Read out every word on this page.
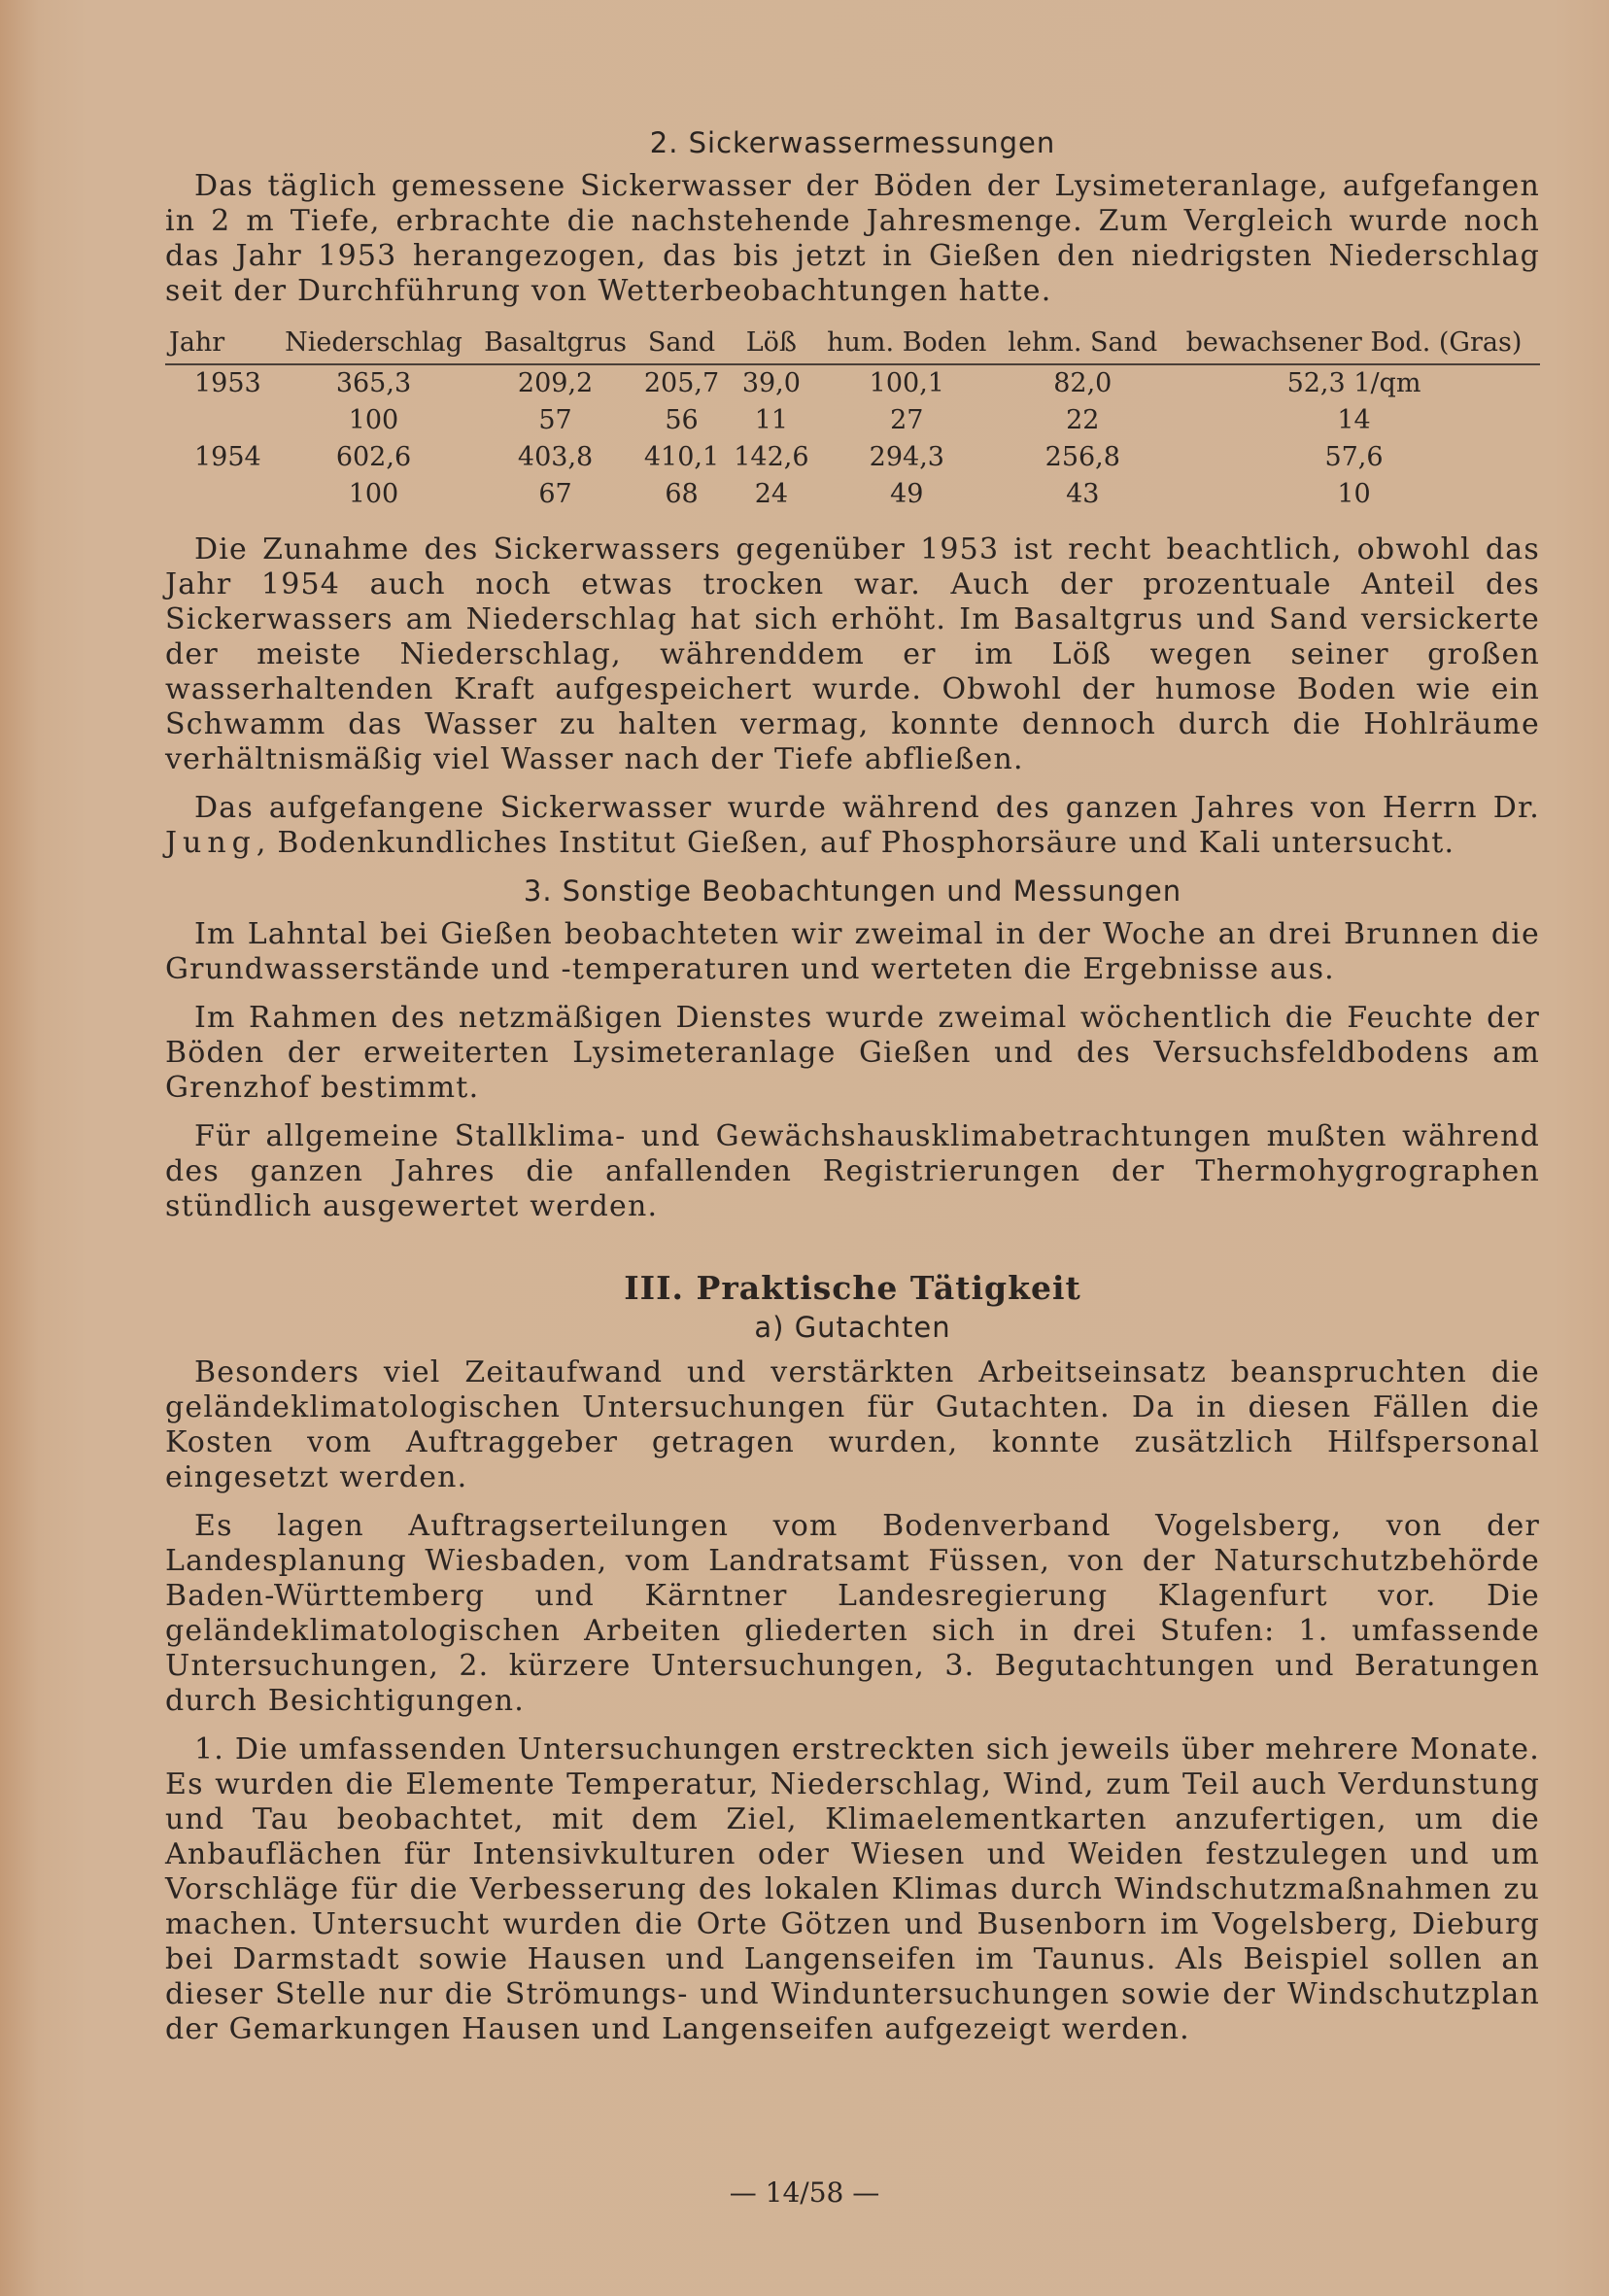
2. Sickerwassermessungen

Das täglich gemessene Sickerwasser der Böden der Lysimeteranlage, aufgefangen in 2 m Tiefe, erbrachte die nachstehende Jahresmenge. Zum Vergleich wurde noch das Jahr 1953 herangezogen, das bis jetzt in Gießen den niedrigsten Niederschlag seit der Durchführung von Wetterbeobachtungen hatte.

Jahr	Niederschlag	Basaltgrus	Sand	Löß	hum. Boden	lehm. Sand	bewachsener Bod. (Gras)
1953	365,3	209,2	205,7	39,0	100,1	82,0	52,3 1/qm
	100	57	56	11	27	22	14
1954	602,6	403,8	410,1	142,6	294,3	256,8	57,6
	100	67	68	24	49	43	10

Die Zunahme des Sickerwassers gegenüber 1953 ist recht beachtlich, obwohl das Jahr 1954 auch noch etwas trocken war. Auch der prozentuale Anteil des Sickerwassers am Niederschlag hat sich erhöht. Im Basaltgrus und Sand versickerte der meiste Niederschlag, währenddem er im Löß wegen seiner großen wasserhaltenden Kraft aufgespeichert wurde. Obwohl der humose Boden wie ein Schwamm das Wasser zu halten vermag, konnte dennoch durch die Hohlräume verhältnismäßig viel Wasser nach der Tiefe abfließen.

Das aufgefangene Sickerwasser wurde während des ganzen Jahres von Herrn Dr. Jung, Bodenkundliches Institut Gießen, auf Phosphorsäure und Kali untersucht.

3. Sonstige Beobachtungen und Messungen

Im Lahntal bei Gießen beobachteten wir zweimal in der Woche an drei Brunnen die Grundwasserstände und -temperaturen und werteten die Ergebnisse aus.

Im Rahmen des netzmäßigen Dienstes wurde zweimal wöchentlich die Feuchte der Böden der erweiterten Lysimeteranlage Gießen und des Versuchsfeldbodens am Grenzhof bestimmt.

Für allgemeine Stallklima- und Gewächshausklimabetrachtungen mußten während des ganzen Jahres die anfallenden Registrierungen der Thermohygrographen stündlich ausgewertet werden.

III. Praktische Tätigkeit
a) Gutachten

Besonders viel Zeitaufwand und verstärkten Arbeitseinsatz beanspruchten die geländeklimatologischen Untersuchungen für Gutachten. Da in diesen Fällen die Kosten vom Auftraggeber getragen wurden, konnte zusätzlich Hilfspersonal eingesetzt werden.

Es lagen Auftragserteilungen vom Bodenverband Vogelsberg, von der Landesplanung Wiesbaden, vom Landratsamt Füssen, von der Naturschutzbehörde Baden-Württemberg und Kärntner Landesregierung Klagenfurt vor. Die geländeklimatologischen Arbeiten gliederten sich in drei Stufen: 1. umfassende Untersuchungen, 2. kürzere Untersuchungen, 3. Begutachtungen und Beratungen durch Besichtigungen.

1. Die umfassenden Untersuchungen erstreckten sich jeweils über mehrere Monate. Es wurden die Elemente Temperatur, Niederschlag, Wind, zum Teil auch Verdunstung und Tau beobachtet, mit dem Ziel, Klimaelementkarten anzufertigen, um die Anbauflächen für Intensivkulturen oder Wiesen und Weiden festzulegen und um Vorschläge für die Verbesserung des lokalen Klimas durch Windschutzmaßnahmen zu machen. Untersucht wurden die Orte Götzen und Busenborn im Vogelsberg, Dieburg bei Darmstadt sowie Hausen und Langenseifen im Taunus. Als Beispiel sollen an dieser Stelle nur die Strömungs- und Winduntersuchungen sowie der Windschutzplan der Gemarkungen Hausen und Langenseifen aufgezeigt werden.

— 14/58 —
